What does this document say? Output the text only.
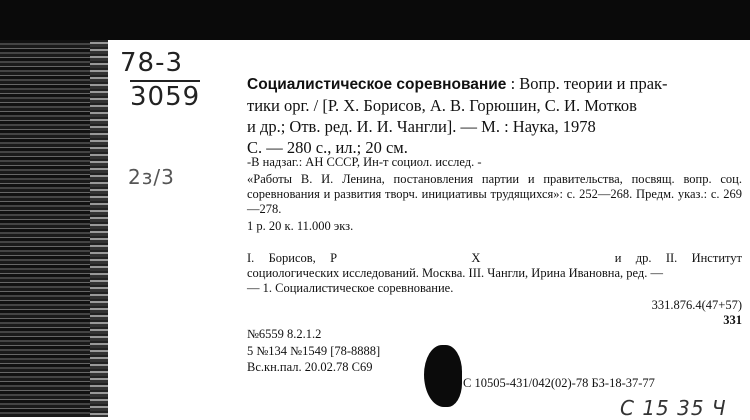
78-3
3059
2ɜ/3
С 15 35 Ч
Социалистическое соревнование : Вопр. теории и прак-
тики орг. / [Р. Х. Борисов, А. В. Горюшин, С. И. Мотков
и др.; Отв. ред. И. И. Чангли]. — М. : Наука, 1978
С. — 280 с., ил.; 20 см.
-В надзаг.: АН СССР, Ин-т социол. исслед. -
«Работы В. И. Ленина, постановления партии и правительства, посвящ. вопр. соц. соревнования и развития творч. инициативы трудящихся»: с. 252—268. Предм. указ.: с. 269—278.
1 р. 20 к. 11.000 экз.
I. Борисов, Р	Х	и др. II. Институт социологических исследований. Москва. III. Чангли, Ирина Ивановна, ред. —
— 1. Социалистическое соревнование.
331.876.4(47+57)
331
№6559 8.2.1.2
5 №134 №1549 [78-8888]
Вс.кн.пал. 20.02.78 С69
С 10505-431/042(02)-78 БЗ-18-37-77
